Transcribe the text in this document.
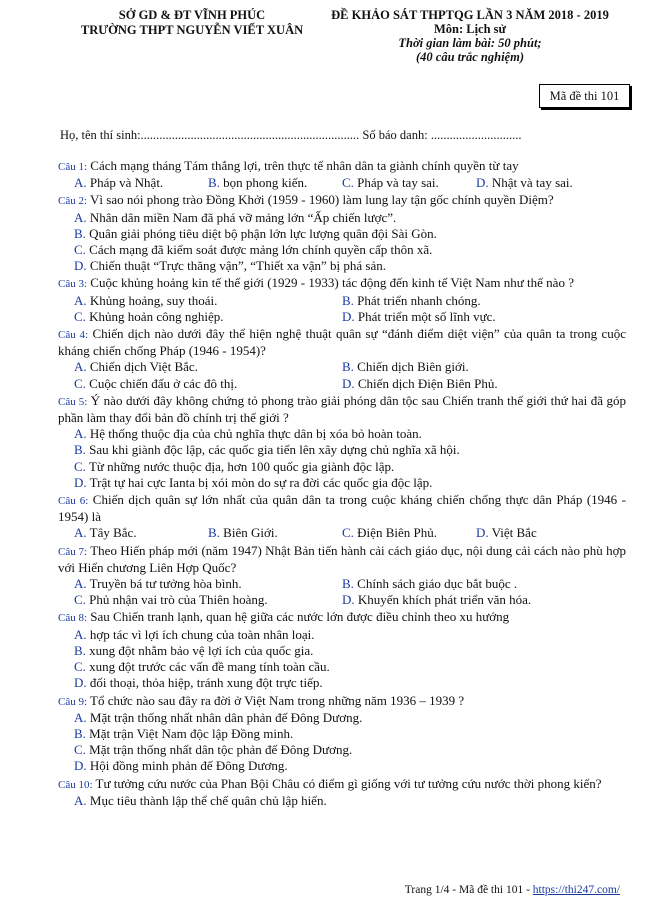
SỞ GD & ĐT VĨNH PHÚC
TRƯỜNG THPT NGUYỄN VIẾT XUÂN
ĐỀ KHẢO SÁT THPTQG LẦN 3 NĂM 2018 - 2019
Môn: Lịch sử
Thời gian làm bài: 50 phút;
(40 câu trắc nghiệm)
Mã đề thi 101
Họ, tên thí sinh:...................................................................... Số báo danh: .............................
Câu 1: Cách mạng tháng Tám thắng lợi, trên thực tế nhân dân ta giành chính quyền từ tay
A. Pháp và Nhật.	B. bọn phong kiến.	C. Pháp và tay sai.	D. Nhật và tay sai.
Câu 2: Vì sao nói phong trào Đồng Khởi (1959 - 1960) làm lung lay tận gốc chính quyền Diệm?
A. Nhân dân miền Nam đã phá vỡ mảng lớn “Ấp chiến lược”.
B. Quân giải phóng tiêu diệt bộ phận lớn lực lượng quân đội Sài Gòn.
C. Cách mạng đã kiểm soát được mảng lớn chính quyền cấp thôn xã.
D. Chiến thuật “Trực thăng vận”, “Thiết xa vận” bị phá sản.
Câu 3: Cuộc khủng hoảng kin tế thế giới (1929 - 1933) tác động đến kinh tế Việt Nam như thế nào ?
A. Khủng hoảng, suy thoái.	B. Phát triển nhanh chóng.
C. Khủng hoản công nghiệp.	D. Phát triển một số lĩnh vực.
Câu 4: Chiến dịch nào dưới đây thể hiện nghệ thuật quân sự “đánh điểm diệt viện” của quân ta trong cuộc kháng chiến chống Pháp (1946 - 1954)?
A. Chiến dịch Việt Bắc.	B. Chiến dịch Biên giới.
C. Cuộc chiến đấu ở các đô thị.	D. Chiến dịch Điện Biên Phủ.
Câu 5: Ý nào dưới đây không chứng tỏ phong trào giải phóng dân tộc sau Chiến tranh thế giới thứ hai đã góp phần làm thay đổi bản đồ chính trị thế giới ?
A. Hệ thống thuộc địa của chủ nghĩa thực dân bị xóa bỏ hoàn toàn.
B. Sau khi giành độc lập, các quốc gia tiến lên xây dựng chủ nghĩa xã hội.
C. Từ những nước thuộc địa, hơn 100 quốc gia giành độc lập.
D. Trật tự hai cực Ianta bị xói mòn do sự ra đời các quốc gia độc lập.
Câu 6: Chiến dịch quân sự lớn nhất của quân dân ta trong cuộc kháng chiến chống thực dân Pháp (1946 - 1954) là
A. Tây Bắc.	B. Biên Giới.	C. Điện Biên Phủ.	D. Việt Bắc
Câu 7: Theo Hiến pháp mới (năm 1947) Nhật Bản tiến hành cải cách giáo dục, nội dung cải cách nào phù hợp với Hiến chương Liên Hợp Quốc?
A. Truyền bá tư tưởng hòa bình.	B. Chính sách giáo dục bắt buộc .
C. Phủ nhận vai trò của Thiên hoàng.	D. Khuyến khích phát triển văn hóa.
Câu 8: Sau Chiến tranh lạnh, quan hệ giữa các nước lớn được điều chỉnh theo xu hướng
A. hợp tác vì lợi ích chung của toàn nhân loại.
B. xung đột nhằm bảo vệ lợi ích của quốc gia.
C. xung đột trước các vấn đề mang tính toàn cầu.
D. đối thoại, thỏa hiệp, tránh xung đột trực tiếp.
Câu 9: Tổ chức nào sau đây ra đời ở Việt Nam trong những năm 1936 – 1939 ?
A. Mặt trận thống nhất nhân dân phản đế Đông Dương.
B. Mặt trận Việt Nam độc lập Đồng minh.
C. Mặt trận thống nhất dân tộc phản đế Đông Dương.
D. Hội đồng minh phản đế Đông Dương.
Câu 10: Tư tưởng cứu nước của Phan Bội Châu có điểm gì giống với tư tưởng cứu nước thời phong kiến?
A. Mục tiêu thành lập thể chế quân chủ lập hiến.
Trang 1/4 - Mã đề thi 101 - https://thi247.com/
